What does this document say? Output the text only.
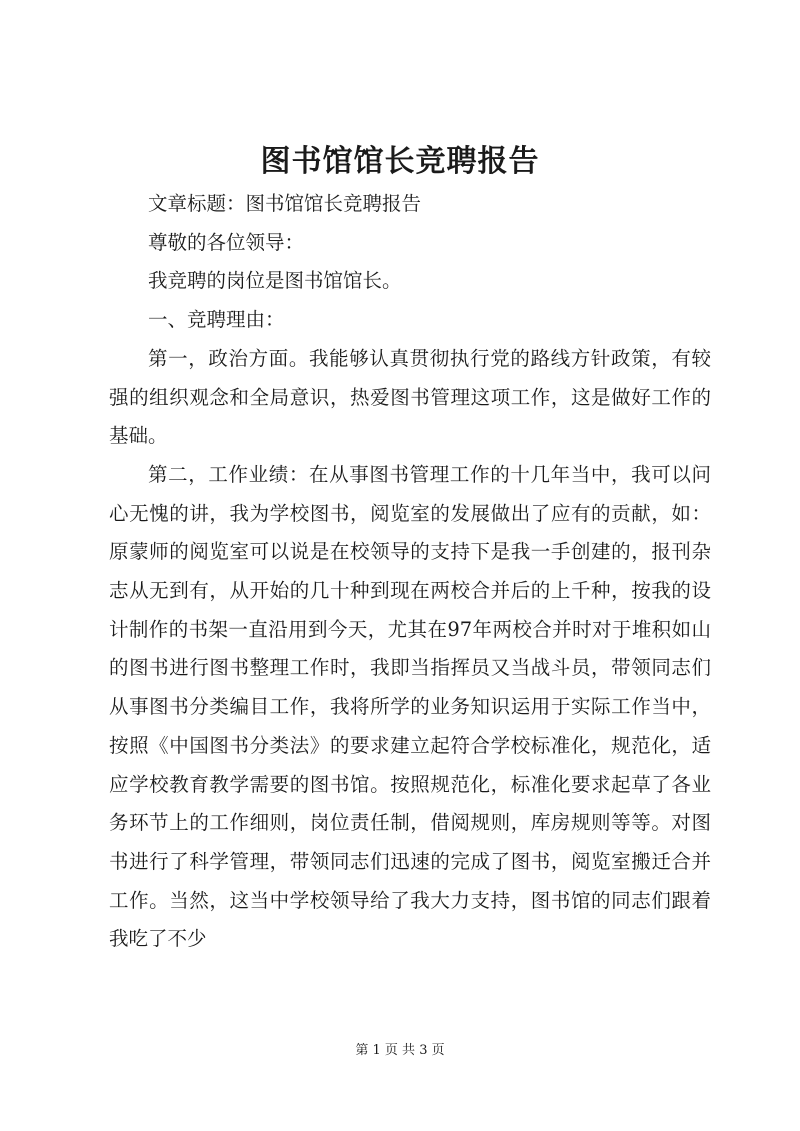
图书馆馆长竞聘报告

文章标题：图书馆馆长竞聘报告

尊敬的各位领导：

我竞聘的岗位是图书馆馆长。

一、竞聘理由：

第一，政治方面。我能够认真贯彻执行党的路线方针政策，有较强的组织观念和全局意识，热爱图书管理这项工作，这是做好工作的基础。

第二，工作业绩：在从事图书管理工作的十几年当中，我可以问心无愧的讲，我为学校图书，阅览室的发展做出了应有的贡献，如：原蒙师的阅览室可以说是在校领导的支持下是我一手创建的，报刊杂志从无到有，从开始的几十种到现在两校合并后的上千种，按我的设计制作的书架一直沿用到今天，尤其在97年两校合并时对于堆积如山的图书进行图书整理工作时，我即当指挥员又当战斗员，带领同志们从事图书分类编目工作，我将所学的业务知识运用于实际工作当中，按照《中国图书分类法》的要求建立起符合学校标准化，规范化，适应学校教育教学需要的图书馆。按照规范化，标准化要求起草了各业务环节上的工作细则，岗位责任制，借阅规则，库房规则等等。对图书进行了科学管理，带领同志们迅速的完成了图书，阅览室搬迁合并工作。当然，这当中学校领导给了我大力支持，图书馆的同志们跟着我吃了不少

第 1 页 共 3 页
